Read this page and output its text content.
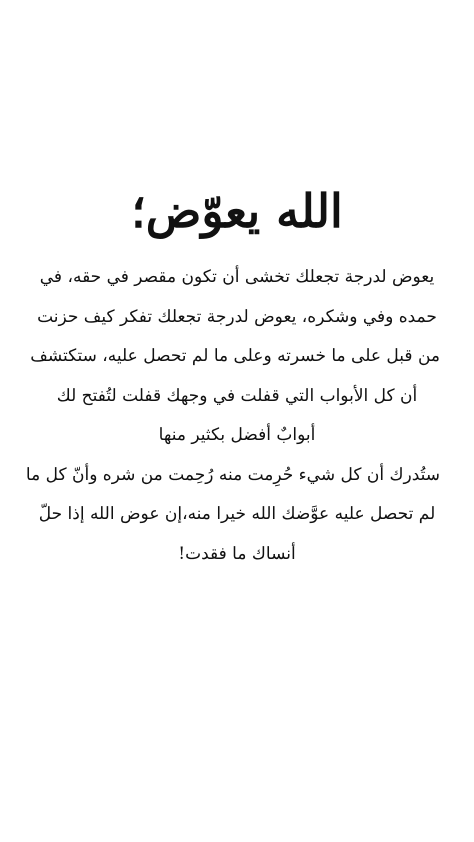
الله يعوّض؛
يعوض لدرجة تجعلك تخشى أن تكون مقصر في حقه، في
حمده وفي وشكره، يعوض لدرجة تجعلك تفكر كيف حزنت
من قبل على ما خسرته وعلى ما لم تحصل عليه، ستكتشف
أن كل الأبواب التي قفلت في وجهك قفلت لتُفتح لك
أبوابٌ أفضل بكثير منها
ستُدرك أن كل شيء حُرِمت منه رُحِمت من شره وأنّ كل ما
لم تحصل عليه عوَّضك الله خيرا منه،إن عوض الله إذا حلّ
أنساك ما فقدت!
